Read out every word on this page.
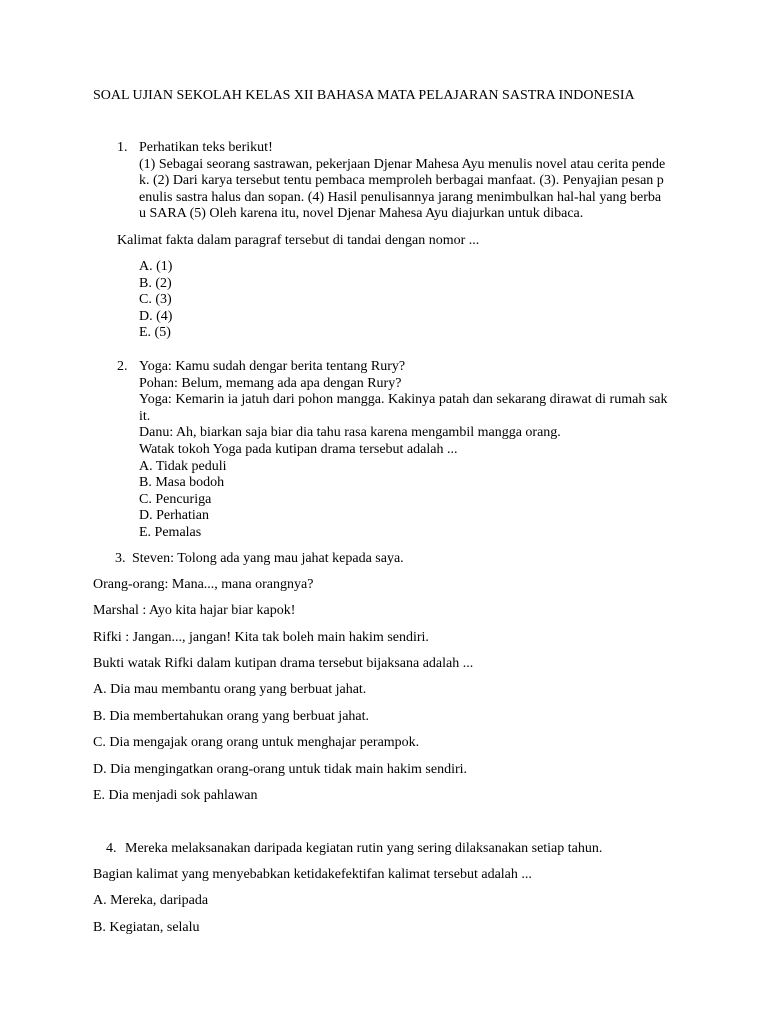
SOAL UJIAN SEKOLAH KELAS XII BAHASA MATA PELAJARAN SASTRA INDONESIA
1. Perhatikan teks berikut!
(1) Sebagai seorang sastrawan, pekerjaan Djenar Mahesa Ayu menulis novel atau cerita pende
k. (2) Dari karya tersebut tentu pembaca memproleh berbagai manfaat. (3). Penyajian pesan p
enulis sastra halus dan sopan. (4) Hasil penulisannya jarang menimbulkan hal-hal yang berba
u SARA (5) Oleh karena itu, novel Djenar Mahesa Ayu diajurkan untuk dibaca.
Kalimat fakta dalam paragraf tersebut di tandai dengan nomor ...
A. (1)
B. (2)
C. (3)
D. (4)
E. (5)
2. Yoga: Kamu sudah dengar berita tentang Rury?
Pohan: Belum, memang ada apa dengan Rury?
Yoga: Kemarin ia jatuh dari pohon mangga. Kakinya patah dan sekarang dirawat di rumah sak
it.
Danu: Ah, biarkan saja biar dia tahu rasa karena mengambil mangga orang.
Watak tokoh Yoga pada kutipan drama tersebut adalah ...
A. Tidak peduli
B. Masa bodoh
C. Pencuriga
D. Perhatian
E. Pemalas
3. Steven: Tolong ada yang mau jahat kepada saya.
Orang-orang: Mana..., mana orangnya?
Marshal : Ayo kita hajar biar kapok!
Rifki : Jangan..., jangan! Kita tak boleh main hakim sendiri.
Bukti watak Rifki dalam kutipan drama tersebut bijaksana adalah ...
A. Dia mau membantu orang yang berbuat jahat.
B. Dia membertahukan orang yang berbuat jahat.
C. Dia mengajak orang orang untuk menghajar perampok.
D. Dia mengingatkan orang-orang untuk tidak main hakim sendiri.
E. Dia menjadi sok pahlawan
4. Mereka melaksanakan daripada kegiatan rutin yang sering dilaksanakan setiap tahun.
Bagian kalimat yang menyebabkan ketidakefektifan kalimat tersebut adalah ...
A. Mereka, daripada
B. Kegiatan, selalu
